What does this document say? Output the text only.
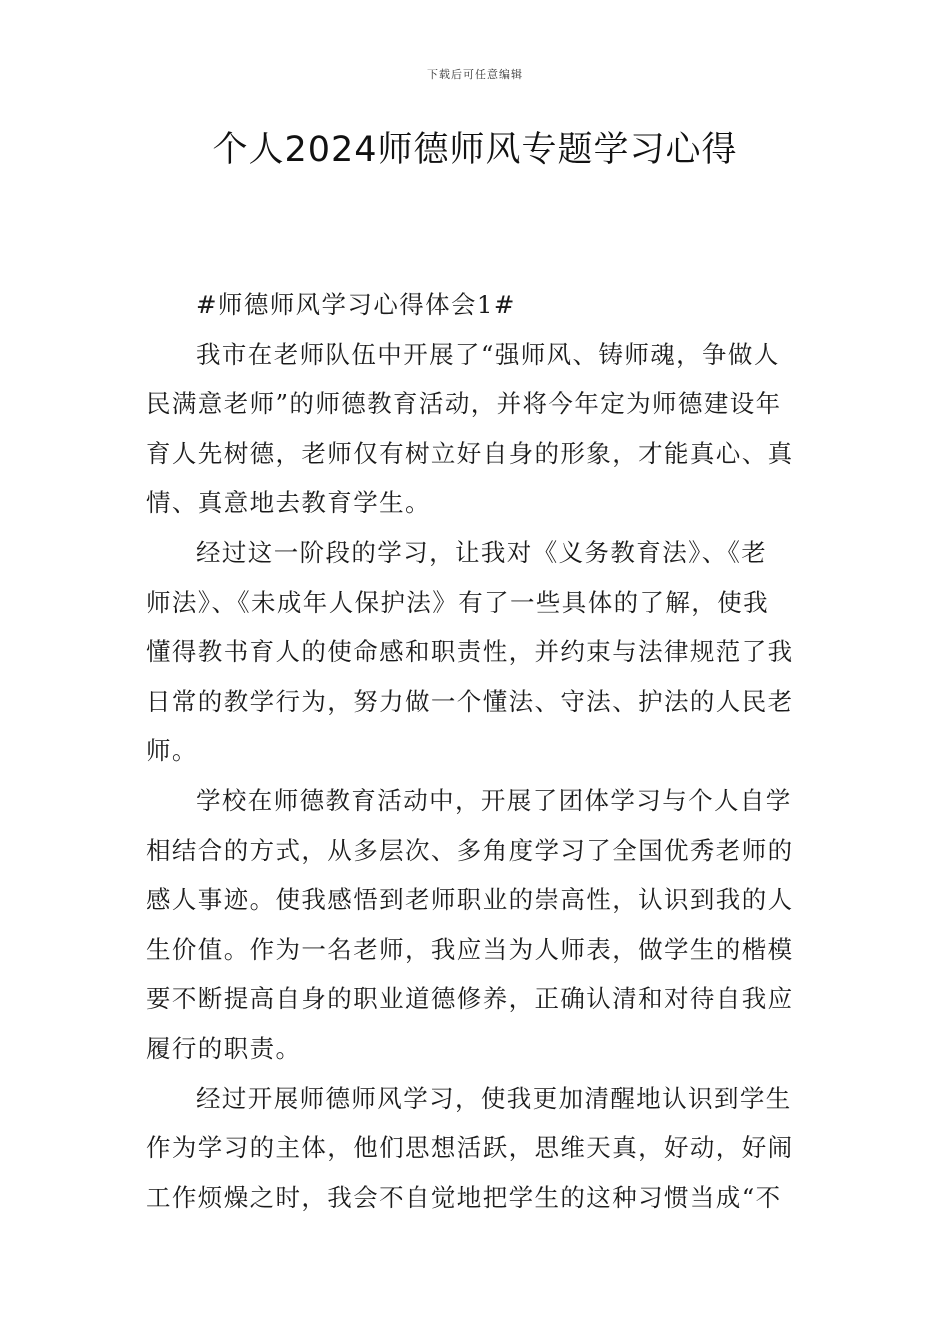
下载后可任意编辑
个人2024师德师风专题学习心得
#师德师风学习心得体会1#
我市在老师队伍中开展了“强师风、铸师魂，争做人
民满意老师”的师德教育活动，并将今年定为师德建设年
育人先树德，老师仅有树立好自身的形象，才能真心、真
情、真意地去教育学生。
经过这一阶段的学习，让我对《义务教育法》、《老
师法》、《未成年人保护法》有了一些具体的了解，使我
懂得教书育人的使命感和职责性，并约束与法律规范了我
日常的教学行为，努力做一个懂法、守法、护法的人民老
师。
学校在师德教育活动中，开展了团体学习与个人自学
相结合的方式，从多层次、多角度学习了全国优秀老师的
感人事迹。使我感悟到老师职业的崇高性，认识到我的人
生价值。作为一名老师，我应当为人师表，做学生的楷模
要不断提高自身的职业道德修养，正确认清和对待自我应
履行的职责。
经过开展师德师风学习，使我更加清醒地认识到学生
作为学习的主体，他们思想活跃，思维天真，好动，好闹
工作烦燥之时，我会不自觉地把学生的这种习惯当成“不
